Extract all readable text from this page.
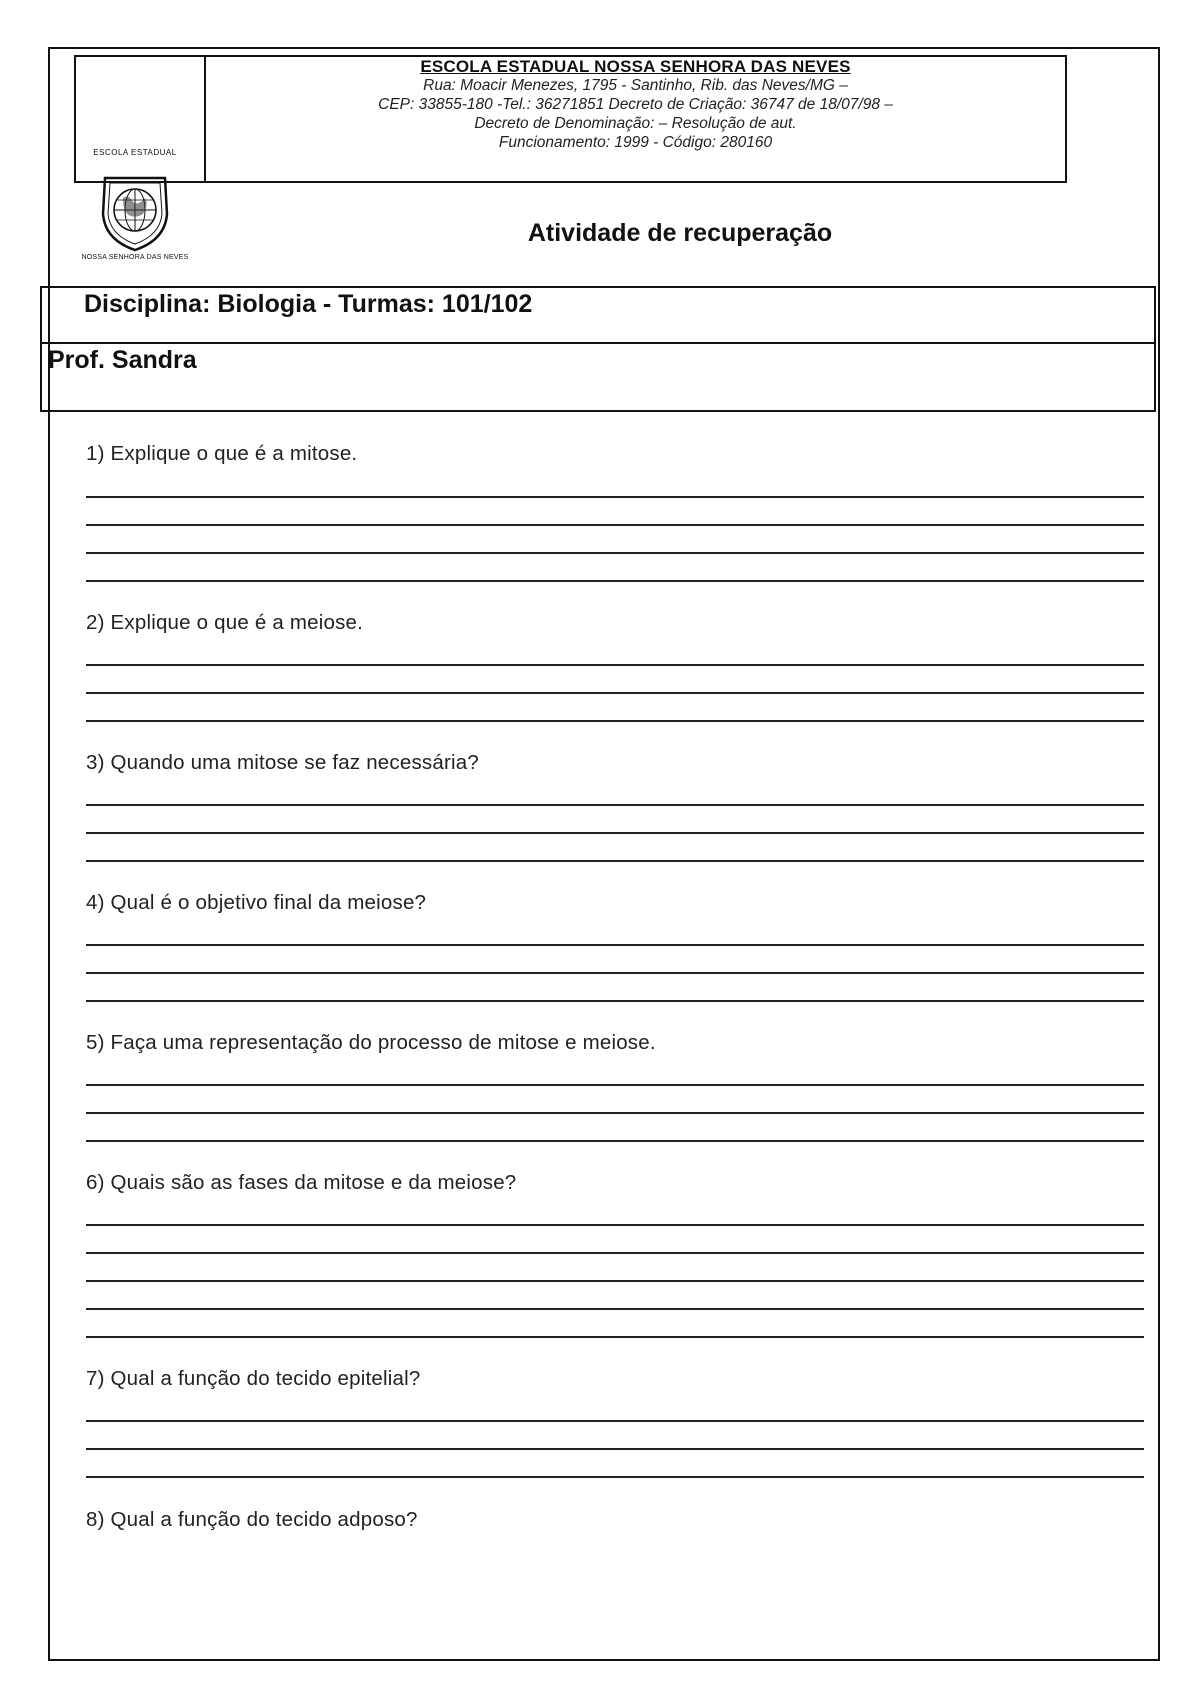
ESCOLA ESTADUAL NOSSA SENHORA DAS NEVES
Rua: Moacir Menezes, 1795 - Santinho, Rib. das Neves/MG –
CEP: 33855-180 -Tel.: 36271851 Decreto de Criação: 36747 de 18/07/98 –
Decreto de Denominação: – Resolução de aut.
Funcionamento: 1999 - Código: 280160
ESCOLA ESTADUAL
NOSSA SENHORA DAS NEVES
Atividade de recuperação
Disciplina: Biologia - Turmas: 101/102
Prof. Sandra
1) Explique o que é a mitose.
2) Explique o que é a meiose.
3) Quando uma mitose se faz necessária?
4) Qual é o objetivo final da meiose?
5) Faça uma representação do processo de mitose e meiose.
6) Quais são as fases da mitose e da meiose?
7) Qual a função do tecido epitelial?
8) Qual a função do tecido adposo?
